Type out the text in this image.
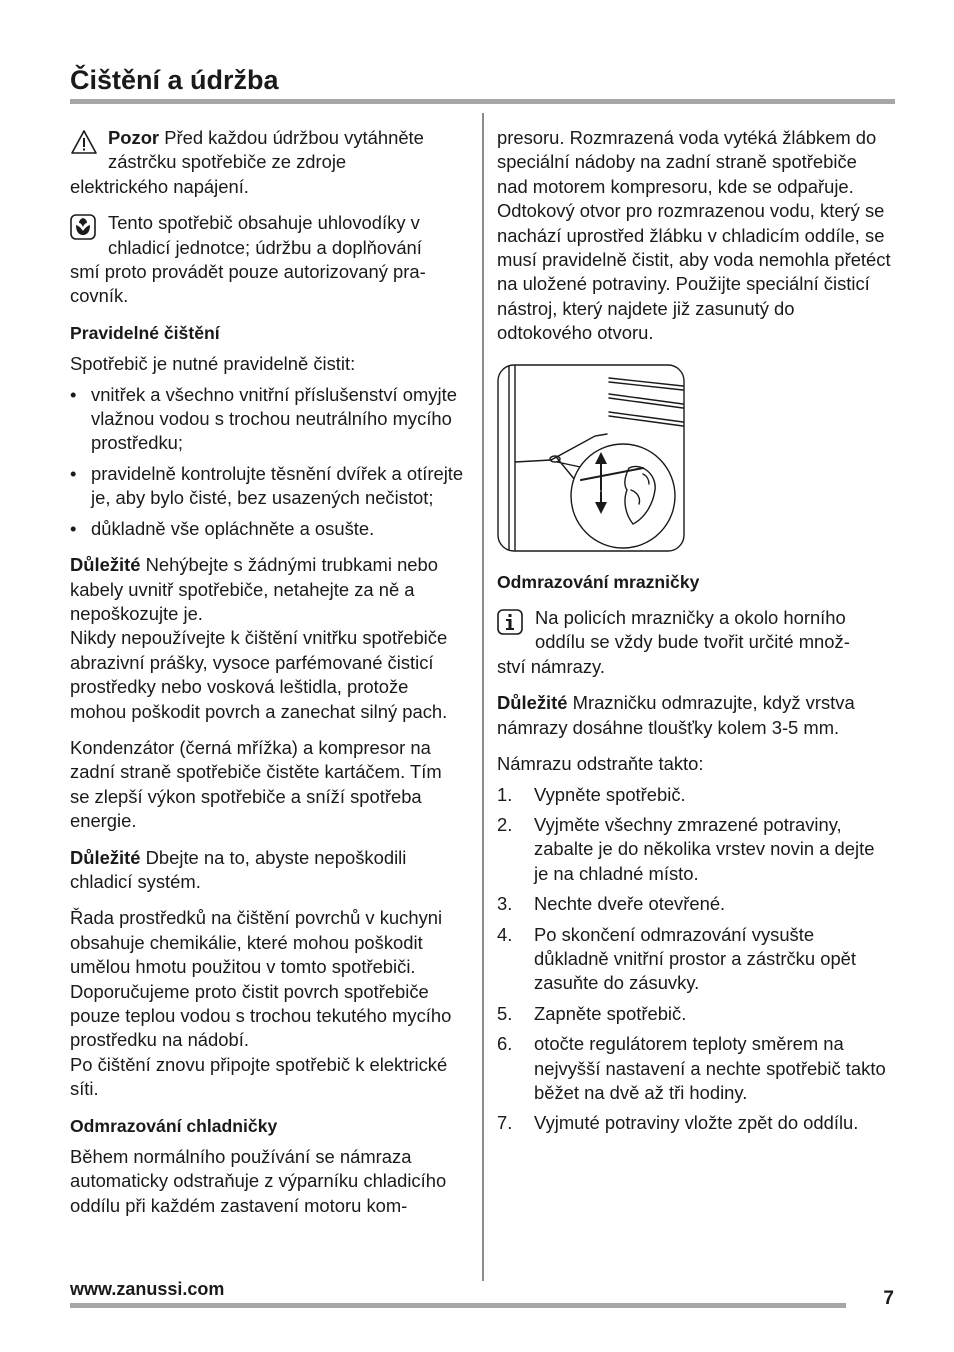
Čištění a údržba

Pozor Před každou údržbou vytáhněte zástrčku spotřebiče ze zdroje

elektrického napájení.

Tento spotřebič obsahuje uhlovodíky v chladicí jednotce; údržbu a doplňování

smí proto provádět pouze autorizovaný pra-covník.

Pravidelné čištění

Spotřebič je nutné pravidelně čistit:

• vnitřek a všechno vnitřní příslušenství omyjte vlažnou vodou s trochou neutrálního mycího prostředku;
• pravidelně kontrolujte těsnění dvířek a otírejte je, aby bylo čisté, bez usazených nečistot;
• důkladně vše opláchněte a osušte.

Důležité Nehýbejte s žádnými trubkami nebo kabely uvnitř spotřebiče, netahejte za ně a nepoškozujte je.

Nikdy nepoužívejte k čištění vnitřku spotřebiče abrazivní prášky, vysoce parfémované čisticí prostředky nebo vosková leštidla, protože mohou poškodit povrch a zanechat silný pach.

Kondenzátor (černá mřížka) a kompresor na zadní straně spotřebiče čistěte kartáčem. Tím se zlepší výkon spotřebiče a sníží spotřeba energie.

Důležité Dbejte na to, abyste nepoškodili chladicí systém.

Řada prostředků na čištění povrchů v kuchyni obsahuje chemikálie, které mohou poškodit umělou hmotu použitou v tomto spotřebiči. Doporučujeme proto čistit povrch spotřebiče pouze teplou vodou s trochou tekutého mycího prostředku na nádobí.

Po čištění znovu připojte spotřebič k elektrické síti.

Odmrazování chladničky

Během normálního používání se námraza automaticky odstraňuje z výparníku chladicího oddílu při každém zastavení motoru kom-

presoru. Rozmrazená voda vytéká žlábkem do speciální nádoby na zadní straně spotřebiče nad motorem kompresoru, kde se odpařuje.

Odtokový otvor pro rozmrazenou vodu, který se nachází uprostřed žlábku v chladicím oddíle, se musí pravidelně čistit, aby voda nemohla přetéct na uložené potraviny. Použijte speciální čisticí nástroj, který najdete již zasunutý do odtokového otvoru.

Odmrazování mrazničky

Na policích mrazničky a okolo horního oddílu se vždy bude tvořit určité množ-

ství námrazy.

Důležité Mrazničku odmrazujte, když vrstva námrazy dosáhne tloušťky kolem 3-5 mm.

Námrazu odstraňte takto:

1.	Vypněte spotřebič.
2.	Vyjměte všechny zmrazené potraviny, zabalte je do několika vrstev novin a dejte je na chladné místo.
3.	Nechte dveře otevřené.
4.	Po skončení odmrazování vysušte důkladně vnitřní prostor a zástrčku opět zasuňte do zásuvky.
5.	Zapněte spotřebič.
6.	otočte regulátorem teploty směrem na nejvyšší nastavení a nechte spotřebič takto běžet na dvě až tři hodiny.
7.	Vyjmuté potraviny vložte zpět do oddílu.
www.zanussi.com	7
